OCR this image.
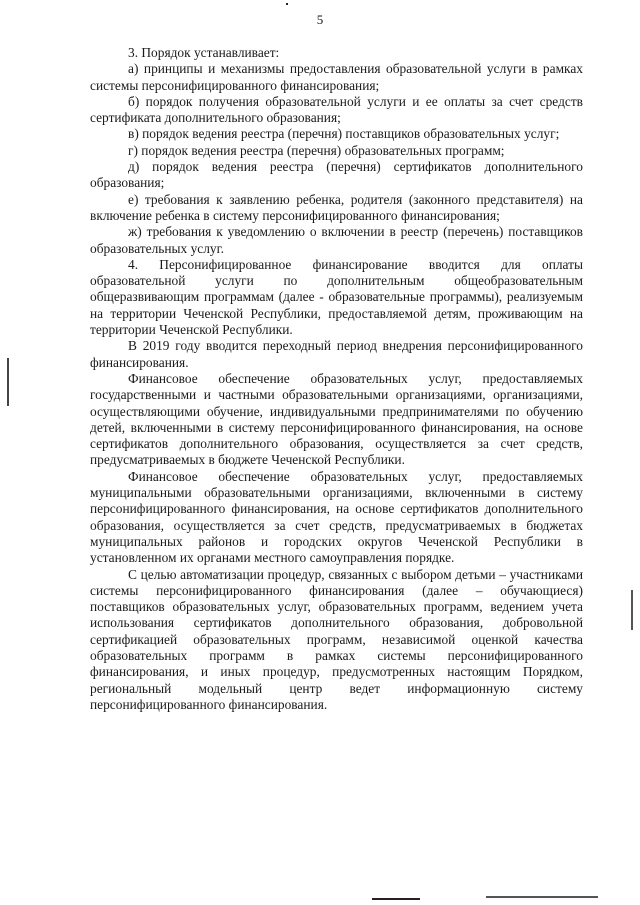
5

3. Порядок устанавливает:

а) принципы и механизмы предоставления образовательной услуги в рамках системы персонифицированного финансирования;

б) порядок получения образовательной услуги и ее оплаты за счет средств сертификата дополнительного образования;

в) порядок ведения реестра (перечня) поставщиков образовательных услуг;

г) порядок ведения реестра (перечня) образовательных программ;

д) порядок ведения реестра (перечня) сертификатов дополнительного образования;

е) требования к заявлению ребенка, родителя (законного представителя) на включение ребенка в систему персонифицированного финансирования;

ж) требования к уведомлению о включении в реестр (перечень) поставщиков образовательных услуг.

4. Персонифицированное финансирование вводится для оплаты образовательной услуги по дополнительным общеобразовательным общеразвивающим программам (далее - образовательные программы), реализуемым на территории Чеченской Республики, предоставляемой детям, проживающим на территории Чеченской Республики.

В 2019 году вводится переходный период внедрения персонифицированного финансирования.

Финансовое обеспечение образовательных услуг, предоставляемых государственными и частными образовательными организациями, организациями, осуществляющими обучение, индивидуальными предпринимателями по обучению детей, включенными в систему персонифицированного финансирования, на основе сертификатов дополнительного образования, осуществляется за счет средств, предусматриваемых в бюджете Чеченской Республики.

Финансовое обеспечение образовательных услуг, предоставляемых муниципальными образовательными организациями, включенными в систему персонифицированного финансирования, на основе сертификатов дополнительного образования, осуществляется за счет средств, предусматриваемых в бюджетах муниципальных районов и городских округов Чеченской Республики в установленном их органами местного самоуправления порядке.

С целью автоматизации процедур, связанных с выбором детьми – участниками системы персонифицированного финансирования (далее – обучающиеся) поставщиков образовательных услуг, образовательных программ, ведением учета использования сертификатов дополнительного образования, добровольной сертификацией образовательных программ, независимой оценкой качества образовательных программ в рамках системы персонифицированного финансирования, и иных процедур, предусмотренных настоящим Порядком, региональный модельный центр ведет информационную систему персонифицированного финансирования.
